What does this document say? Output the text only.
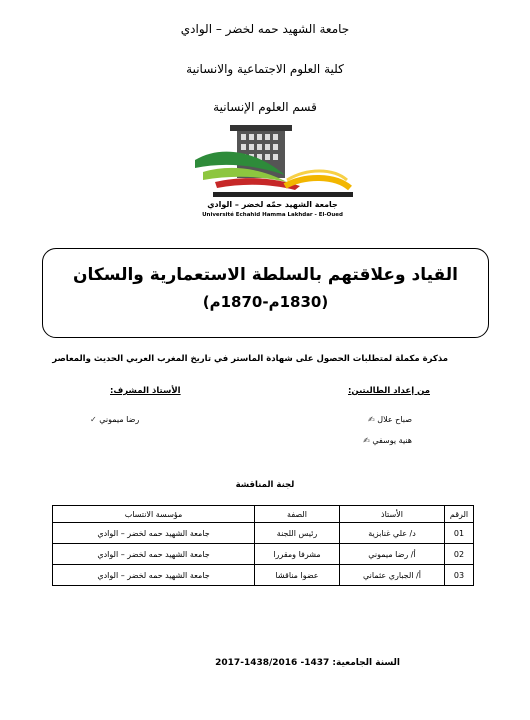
جامعة الشهيد حمه لخضر – الوادي
كلية العلوم الاجتماعية والانسانية
قسم العلوم الإنسانية
جامعة الشهيد حمّه لخضر – الوادي
Université Echahid Hamma Lakhdar - El-Oued
القياد وعلاقتهم بالسلطة الاستعمارية والسكان
(1830م-1870م)
مذكرة مكملة لمتطلبات الحصول على شهادة الماستر في تاريخ المغرب العربي الحديث والمعاصر
من إعداد الطالبتين:
صباح علال ✍
هنية يوسفي ✍
الأستاذ المشرف:
رضا ميموني ✓
لجنة المناقشة
الرقم	الأستاذ	الصفة	مؤسسة الانتساب
01	د/ علي غنابزية	رئيس اللجنة	جامعة الشهيد حمه لخضر – الوادي
02	أ/ رضا ميموني	مشرفا ومقررا	جامعة الشهيد حمه لخضر – الوادي
03	أ/ الجباري عثماني	عضوا مناقشا	جامعة الشهيد حمه لخضر – الوادي
السنة الجامعية: 1437- 1438/2016-2017
